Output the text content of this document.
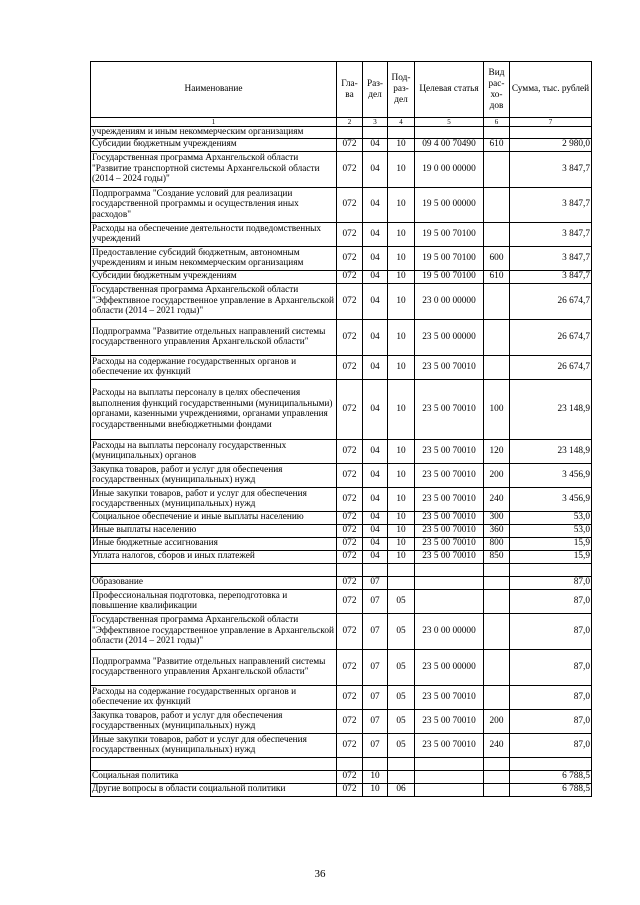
Наименование	Гла-ва	Раз-дел	Под-раз-дел	Целевая статья	Вид рас-хо-дов	Сумма, тыс. рублей
1	2	3	4	5	6	7
учреждениям и иным некоммерческим организациям						
Субсидии бюджетным учреждениям	072	04	10	09 4 00 70490	610	2 980,0
Государственная программа Архангельской области "Развитие транспортной системы Архангельской области (2014 – 2024 годы)"	072	04	10	19 0 00 00000		3 847,7
Подпрограмма "Создание условий для реализации государственной программы и осуществления иных расходов"	072	04	10	19 5 00 00000		3 847,7
Расходы на обеспечение деятельности подведомственных учреждений	072	04	10	19 5 00 70100		3 847,7
Предоставление субсидий бюджетным, автономным учреждениям и иным некоммерческим организациям	072	04	10	19 5 00 70100	600	3 847,7
Субсидии бюджетным учреждениям	072	04	10	19 5 00 70100	610	3 847,7
Государственная программа Архангельской области "Эффективное государственное управление в Архангельской области (2014 – 2021 годы)"	072	04	10	23 0 00 00000		26 674,7
Подпрограмма "Развитие отдельных направлений системы государственного управления Архангельской области"	072	04	10	23 5 00 00000		26 674,7
Расходы на содержание государственных органов и обеспечение их функций	072	04	10	23 5 00 70010		26 674,7
Расходы на выплаты персоналу в целях обеспечения выполнения функций государственными (муниципальными) органами, казенными учреждениями, органами управления государственными внебюджетными фондами	072	04	10	23 5 00 70010	100	23 148,9
Расходы на выплаты персоналу государственных (муниципальных) органов	072	04	10	23 5 00 70010	120	23 148,9
Закупка товаров, работ и услуг для обеспечения государственных (муниципальных) нужд	072	04	10	23 5 00 70010	200	3 456,9
Иные закупки товаров, работ и услуг для обеспечения государственных (муниципальных) нужд	072	04	10	23 5 00 70010	240	3 456,9
Социальное обеспечение и иные выплаты населению	072	04	10	23 5 00 70010	300	53,0
Иные выплаты населению	072	04	10	23 5 00 70010	360	53,0
Иные бюджетные ассигнования	072	04	10	23 5 00 70010	800	15,9
Уплата налогов, сборов и иных платежей	072	04	10	23 5 00 70010	850	15,9

Образование	072	07				87,0
Профессиональная подготовка, переподготовка и повышение квалификации	072	07	05			87,0
Государственная программа Архангельской области "Эффективное государственное управление в Архангельской области (2014 – 2021 годы)"	072	07	05	23 0 00 00000		87,0
Подпрограмма "Развитие отдельных направлений системы государственного управления Архангельской области"	072	07	05	23 5 00 00000		87,0
Расходы на содержание государственных органов и обеспечение их функций	072	07	05	23 5 00 70010		87,0
Закупка товаров, работ и услуг для обеспечения государственных (муниципальных) нужд	072	07	05	23 5 00 70010	200	87,0
Иные закупки товаров, работ и услуг для обеспечения государственных (муниципальных) нужд	072	07	05	23 5 00 70010	240	87,0

Социальная политика	072	10				6 788,5
Другие вопросы в области социальной политики	072	10	06			6 788,5
36
